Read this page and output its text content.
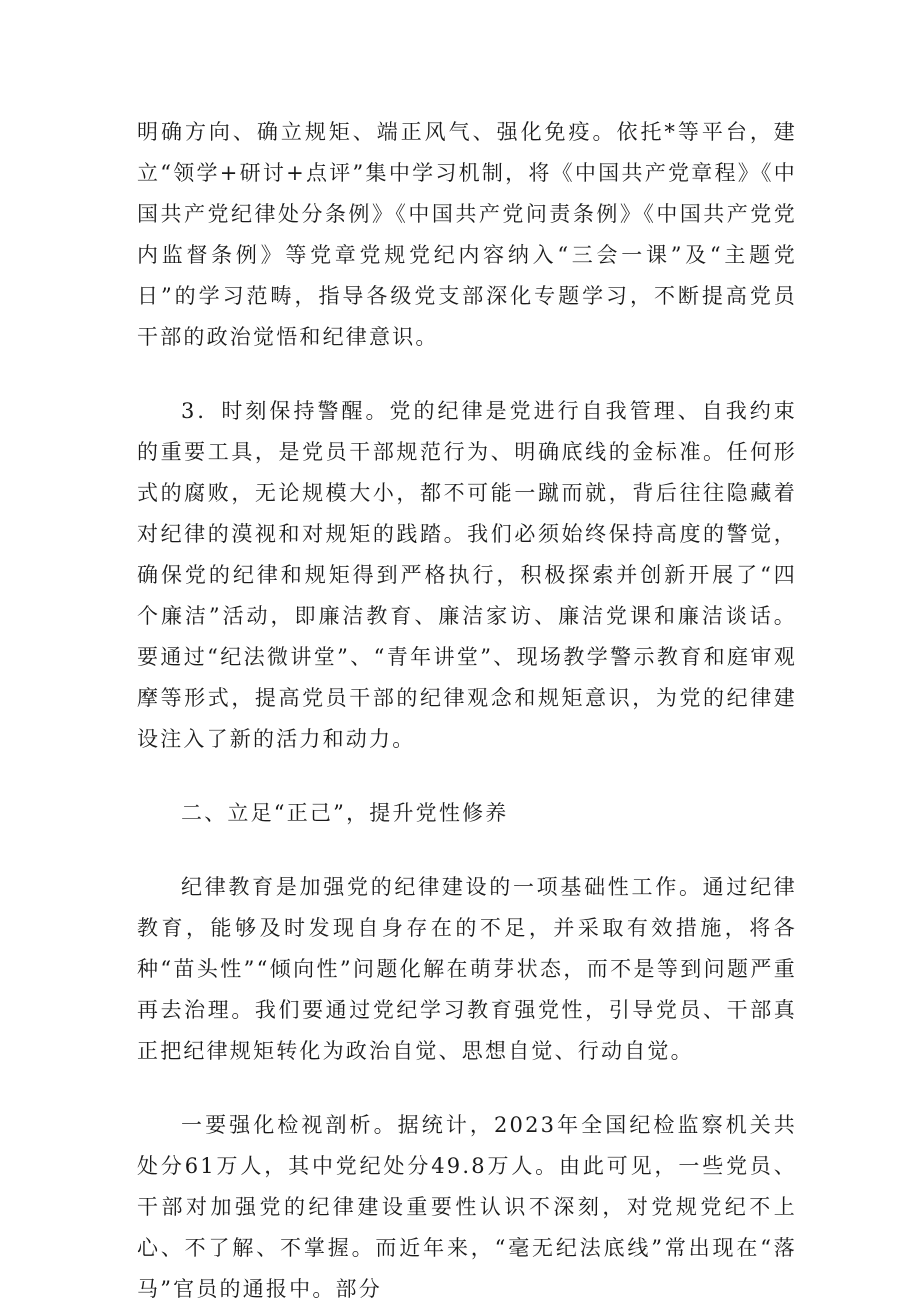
明确方向、确立规矩、端正风气、强化免疫。依托*等平台，建立“领学+研讨+点评”集中学习机制，将《中国共产党章程》《中国共产党纪律处分条例》《中国共产党问责条例》《中国共产党党内监督条例》等党章党规党纪内容纳入“三会一课”及“主题党日”的学习范畴，指导各级党支部深化专题学习，不断提高党员干部的政治觉悟和纪律意识。

3．时刻保持警醒。党的纪律是党进行自我管理、自我约束的重要工具，是党员干部规范行为、明确底线的金标准。任何形式的腐败，无论规模大小，都不可能一蹴而就，背后往往隐藏着对纪律的漠视和对规矩的践踏。我们必须始终保持高度的警觉，确保党的纪律和规矩得到严格执行，积极探索并创新开展了“四个廉洁”活动，即廉洁教育、廉洁家访、廉洁党课和廉洁谈话。要通过“纪法微讲堂”、“青年讲堂”、现场教学警示教育和庭审观摩等形式，提高党员干部的纪律观念和规矩意识，为党的纪律建设注入了新的活力和动力。

二、立足“正己”，提升党性修养

纪律教育是加强党的纪律建设的一项基础性工作。通过纪律教育，能够及时发现自身存在的不足，并采取有效措施，将各种“苗头性”“倾向性”问题化解在萌芽状态，而不是等到问题严重再去治理。我们要通过党纪学习教育强党性，引导党员、干部真正把纪律规矩转化为政治自觉、思想自觉、行动自觉。

一要强化检视剖析。据统计，2023年全国纪检监察机关共处分61万人，其中党纪处分49.8万人。由此可见，一些党员、干部对加强党的纪律建设重要性认识不深刻，对党规党纪不上心、不了解、不掌握。而近年来，“毫无纪法底线”常出现在“落马”官员的通报中。部分
